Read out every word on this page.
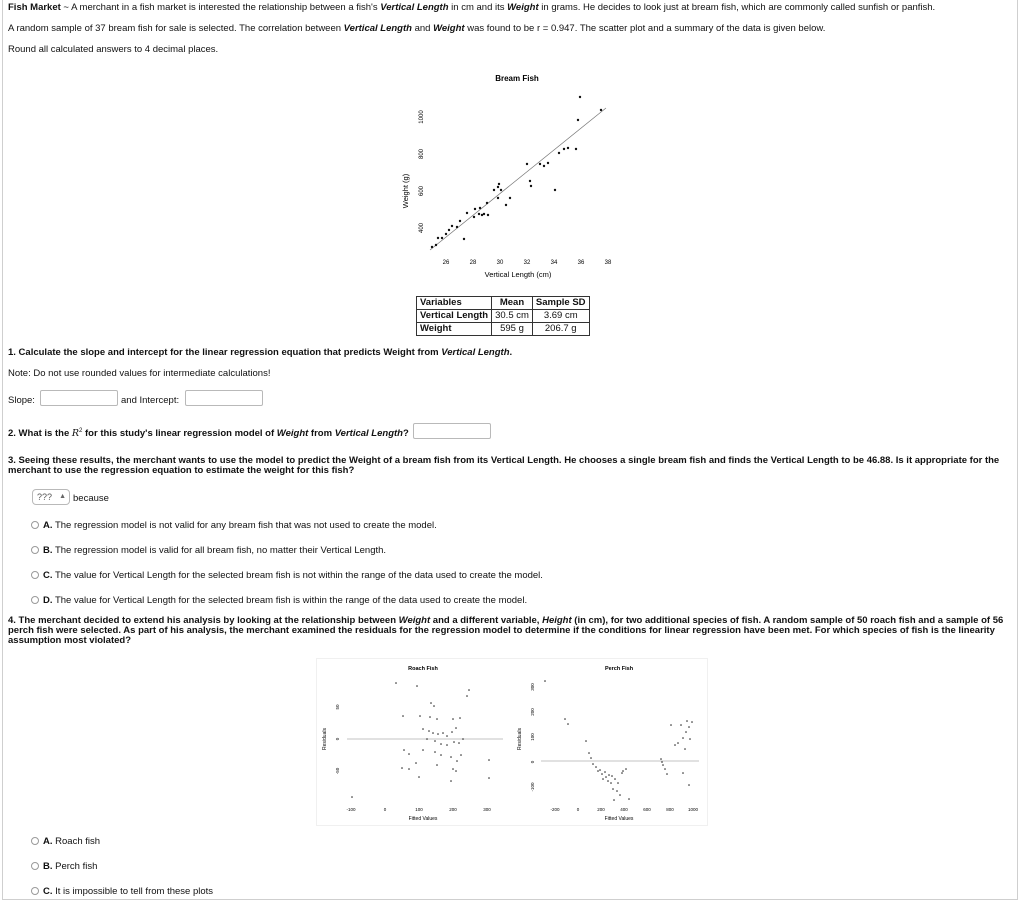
Fish Market ~ A merchant in a fish market is interested the relationship between a fish's Vertical Length in cm and its Weight in grams. He decides to look just at bream fish, which are commonly called sunfish or panfish.
A random sample of 37 bream fish for sale is selected. The correlation between Vertical Length and Weight was found to be r = 0.947. The scatter plot and a summary of the data is given below.
Round all calculated answers to 4 decimal places.
Bream Fish
Vertical Length (cm)
Weight (g)
26	28	30	32	34	36	38
400
600
800
1000
Variables	Mean	Sample SD
Vertical Length	30.5 cm	3.69 cm
Weight	595 g	206.7 g
1. Calculate the slope and intercept for the linear regression equation that predicts Weight from Vertical Length.
Note: Do not use rounded values for intermediate calculations!
Slope:	and Intercept:
2. What is the $R^2$ for this study's linear regression model of Weight from Vertical Length?
3. Seeing these results, the merchant wants to use the model to predict the Weight of a bream fish from its Vertical Length. He chooses a single bream fish and finds the Vertical Length to be 46.88. Is it appropriate for the merchant to use the regression equation to estimate the weight for this fish?
??? ▲ because
A. The regression model is not valid for any bream fish that was not used to create the model.
B. The regression model is valid for all bream fish, no matter their Vertical Length.
C. The value for Vertical Length for the selected bream fish is not within the range of the data used to create the model.
D. The value for Vertical Length for the selected bream fish is within the range of the data used to create the model.
4. The merchant decided to extend his analysis by looking at the relationship between Weight and a different variable, Height (in cm), for two additional species of fish. A random sample of 50 roach fish and a sample of 56 perch fish were selected. As part of his analysis, the merchant examined the residuals for the regression model to determine if the conditions for linear regression have been met. For which species of fish is the linearity assumption most violated?
Roach Fish
Fitted Values
Residuals
-100	0	100	200	300
-50
0
50
Perch Fish
Fitted Values
Residuals
-200	0	200	400	600	800	1000
-100
0
100
200
300
A. Roach fish
B. Perch fish
C. It is impossible to tell from these plots
